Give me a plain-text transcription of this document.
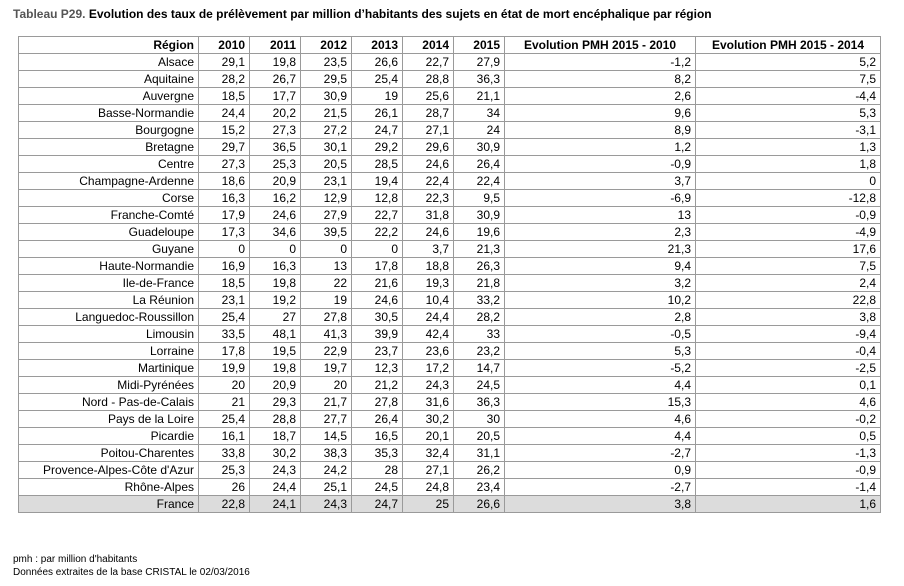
Tableau P29. Evolution des taux de prélèvement par million d’habitants des sujets en état de mort encéphalique par région
Région	2010	2011	2012	2013	2014	2015	Evolution PMH 2015 - 2010	Evolution PMH 2015 - 2014
Alsace	29,1	19,8	23,5	26,6	22,7	27,9	-1,2	5,2
Aquitaine	28,2	26,7	29,5	25,4	28,8	36,3	8,2	7,5
Auvergne	18,5	17,7	30,9	19	25,6	21,1	2,6	-4,4
Basse-Normandie	24,4	20,2	21,5	26,1	28,7	34	9,6	5,3
Bourgogne	15,2	27,3	27,2	24,7	27,1	24	8,9	-3,1
Bretagne	29,7	36,5	30,1	29,2	29,6	30,9	1,2	1,3
Centre	27,3	25,3	20,5	28,5	24,6	26,4	-0,9	1,8
Champagne-Ardenne	18,6	20,9	23,1	19,4	22,4	22,4	3,7	0
Corse	16,3	16,2	12,9	12,8	22,3	9,5	-6,9	-12,8
Franche-Comté	17,9	24,6	27,9	22,7	31,8	30,9	13	-0,9
Guadeloupe	17,3	34,6	39,5	22,2	24,6	19,6	2,3	-4,9
Guyane	0	0	0	0	3,7	21,3	21,3	17,6
Haute-Normandie	16,9	16,3	13	17,8	18,8	26,3	9,4	7,5
Ile-de-France	18,5	19,8	22	21,6	19,3	21,8	3,2	2,4
La Réunion	23,1	19,2	19	24,6	10,4	33,2	10,2	22,8
Languedoc-Roussillon	25,4	27	27,8	30,5	24,4	28,2	2,8	3,8
Limousin	33,5	48,1	41,3	39,9	42,4	33	-0,5	-9,4
Lorraine	17,8	19,5	22,9	23,7	23,6	23,2	5,3	-0,4
Martinique	19,9	19,8	19,7	12,3	17,2	14,7	-5,2	-2,5
Midi-Pyrénées	20	20,9	20	21,2	24,3	24,5	4,4	0,1
Nord - Pas-de-Calais	21	29,3	21,7	27,8	31,6	36,3	15,3	4,6
Pays de la Loire	25,4	28,8	27,7	26,4	30,2	30	4,6	-0,2
Picardie	16,1	18,7	14,5	16,5	20,1	20,5	4,4	0,5
Poitou-Charentes	33,8	30,2	38,3	35,3	32,4	31,1	-2,7	-1,3
Provence-Alpes-Côte d'Azur	25,3	24,3	24,2	28	27,1	26,2	0,9	-0,9
Rhône-Alpes	26	24,4	25,1	24,5	24,8	23,4	-2,7	-1,4
France	22,8	24,1	24,3	24,7	25	26,6	3,8	1,6
pmh : par million d'habitants
Données extraites de la base CRISTAL le 02/03/2016
